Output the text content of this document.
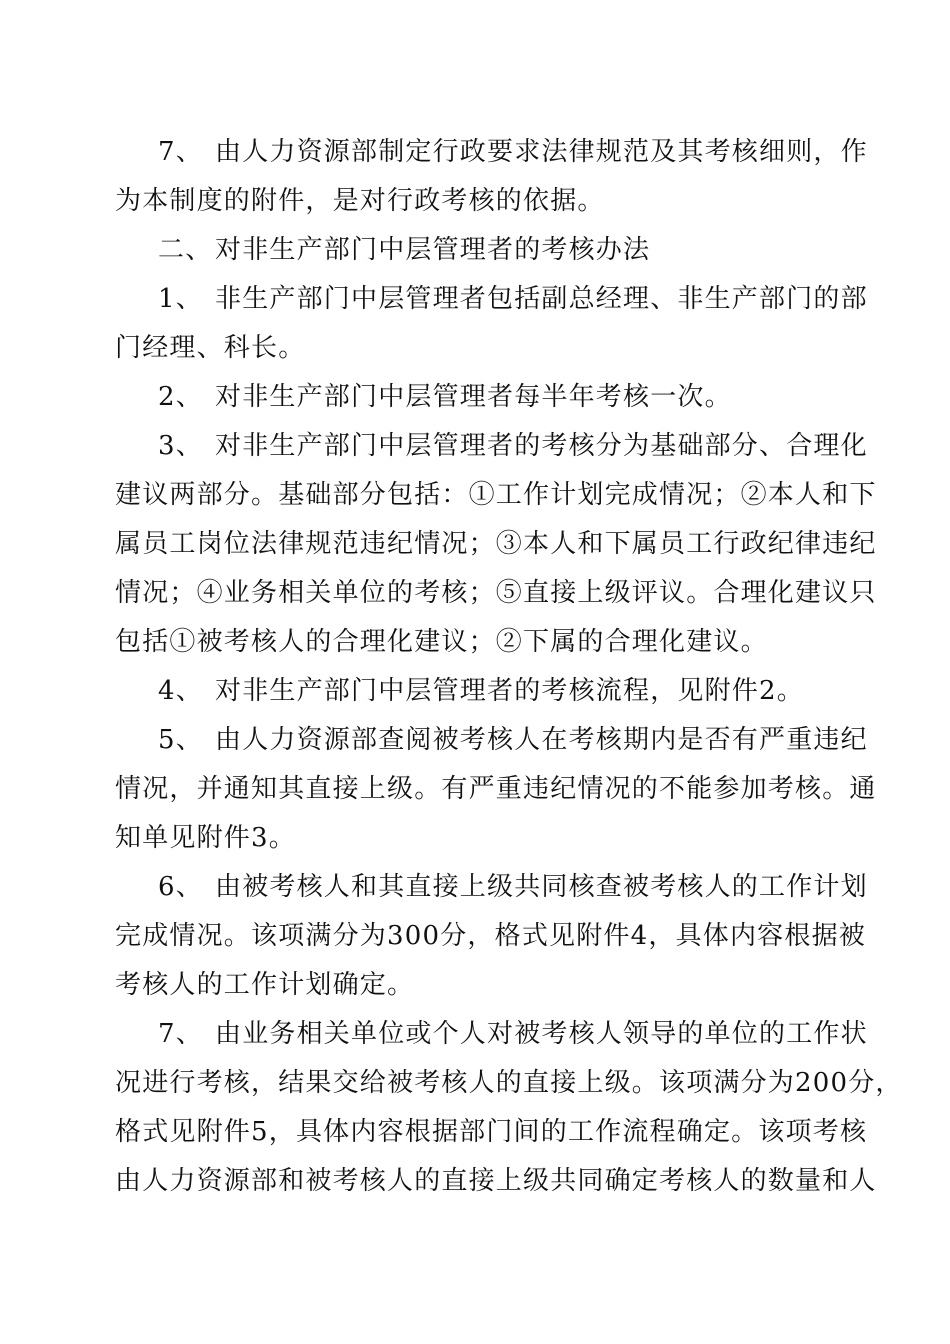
7、 由人力资源部制定行政要求法律规范及其考核细则，作
为本制度的附件，是对行政考核的依据。
二、对非生产部门中层管理者的考核办法
1、 非生产部门中层管理者包括副总经理、非生产部门的部
门经理、科长。
2、 对非生产部门中层管理者每半年考核一次。
3、 对非生产部门中层管理者的考核分为基础部分、合理化
建议两部分。基础部分包括：①工作计划完成情况；②本人和下
属员工岗位法律规范违纪情况；③本人和下属员工行政纪律违纪
情况；④业务相关单位的考核；⑤直接上级评议。合理化建议只
包括①被考核人的合理化建议；②下属的合理化建议。
4、 对非生产部门中层管理者的考核流程，见附件2。
5、 由人力资源部查阅被考核人在考核期内是否有严重违纪
情况，并通知其直接上级。有严重违纪情况的不能参加考核。通
知单见附件3。
6、 由被考核人和其直接上级共同核查被考核人的工作计划
完成情况。该项满分为300分，格式见附件4，具体内容根据被
考核人的工作计划确定。
7、 由业务相关单位或个人对被考核人领导的单位的工作状
况进行考核，结果交给被考核人的直接上级。该项满分为200分，
格式见附件5，具体内容根据部门间的工作流程确定。该项考核
由人力资源部和被考核人的直接上级共同确定考核人的数量和人
